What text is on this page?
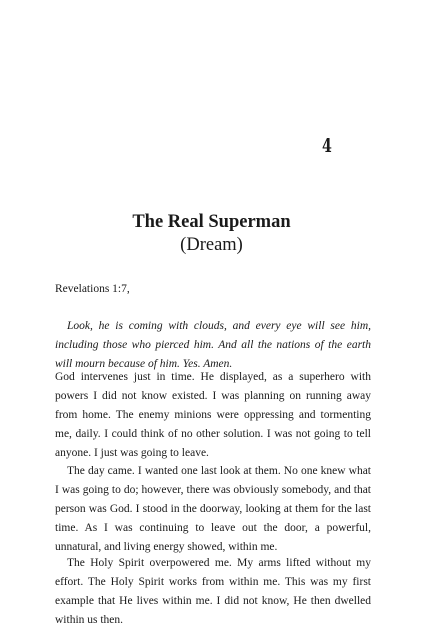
4
The Real Superman
(Dream)

Revelations 1:7,

Look, he is coming with clouds, and every eye will see him, including those who pierced him. And all the nations of the earth will mourn because of him. Yes. Amen.

God intervenes just in time. He displayed, as a superhero with powers I did not know existed. I was planning on running away from home. The enemy minions were oppressing and tormenting me, daily. I could think of no other solution. I was not going to tell anyone. I just was going to leave.

The day came. I wanted one last look at them. No one knew what I was going to do; however, there was obviously somebody, and that person was God. I stood in the doorway, looking at them for the last time. As I was continuing to leave out the door, a powerful, unnatural, and living energy showed, within me.

The Holy Spirit overpowered me. My arms lifted without my effort. The Holy Spirit works from within me. This was my first example that He lives within me. I did not know, He then dwelled within us then.
